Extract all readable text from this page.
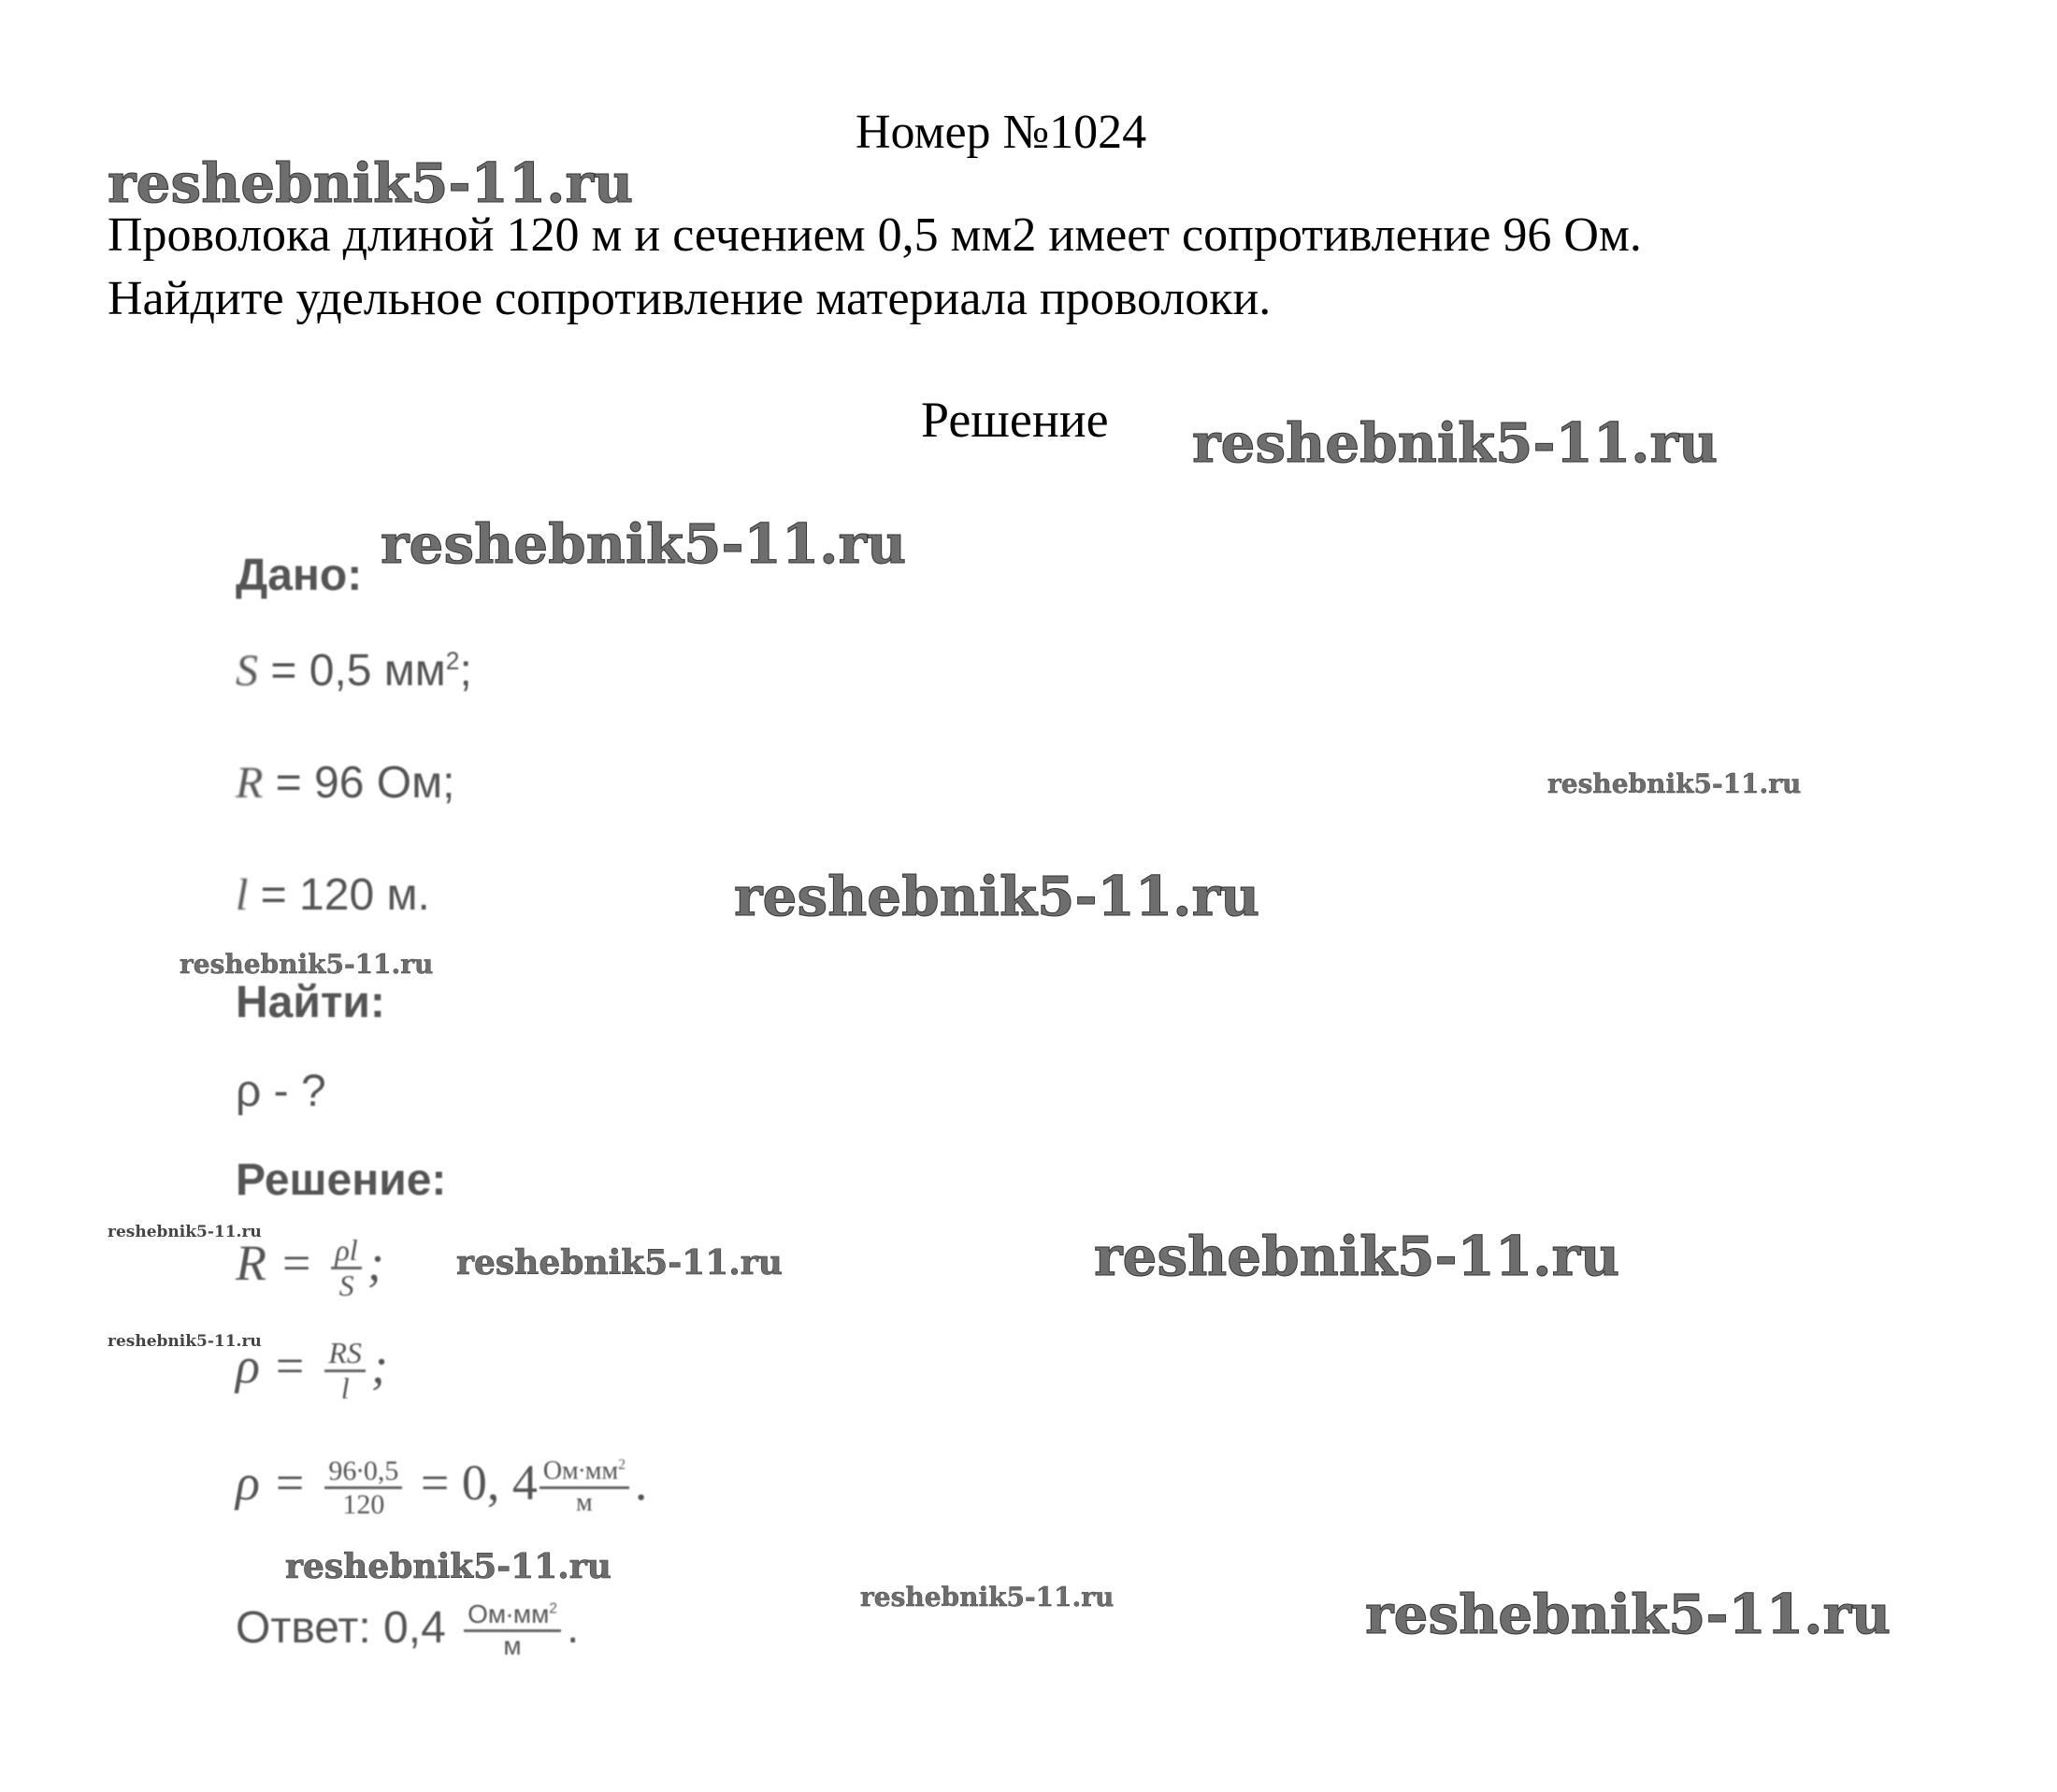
Номер №1024
Проволока длиной 120 м и сечением 0,5 мм2 имеет сопротивление 96 Ом.
Найдите удельное сопротивление материала проволоки.
Решение
Дано:
S = 0,5 $мм^2$;
R = 96 Ом;
l = 120 м.
Найти:
ρ - ?
Решение:
$R = \frac{\rho l}{S}$ ;
$\rho = \frac{RS}{l}$ ;
$\rho = \frac{96\cdot 0,5}{120} = 0$, $4 \frac{Ом\cdot мм^2}{м}$ .
Ответ: $0,4 \frac{Ом\cdot мм^2}{м}$ .
reshebnik5-11.ru
reshebnik5-11.ru
reshebnik5-11.ru
reshebnik5-11.ru
reshebnik5-11.ru
reshebnik5-11.ru
reshebnik5-11.ru
reshebnik5-11.ru	reshebnik5-11.ru
reshebnik5-11.ru
reshebnik5-11.ru
reshebnik5-11.ru	reshebnik5-11.ru
